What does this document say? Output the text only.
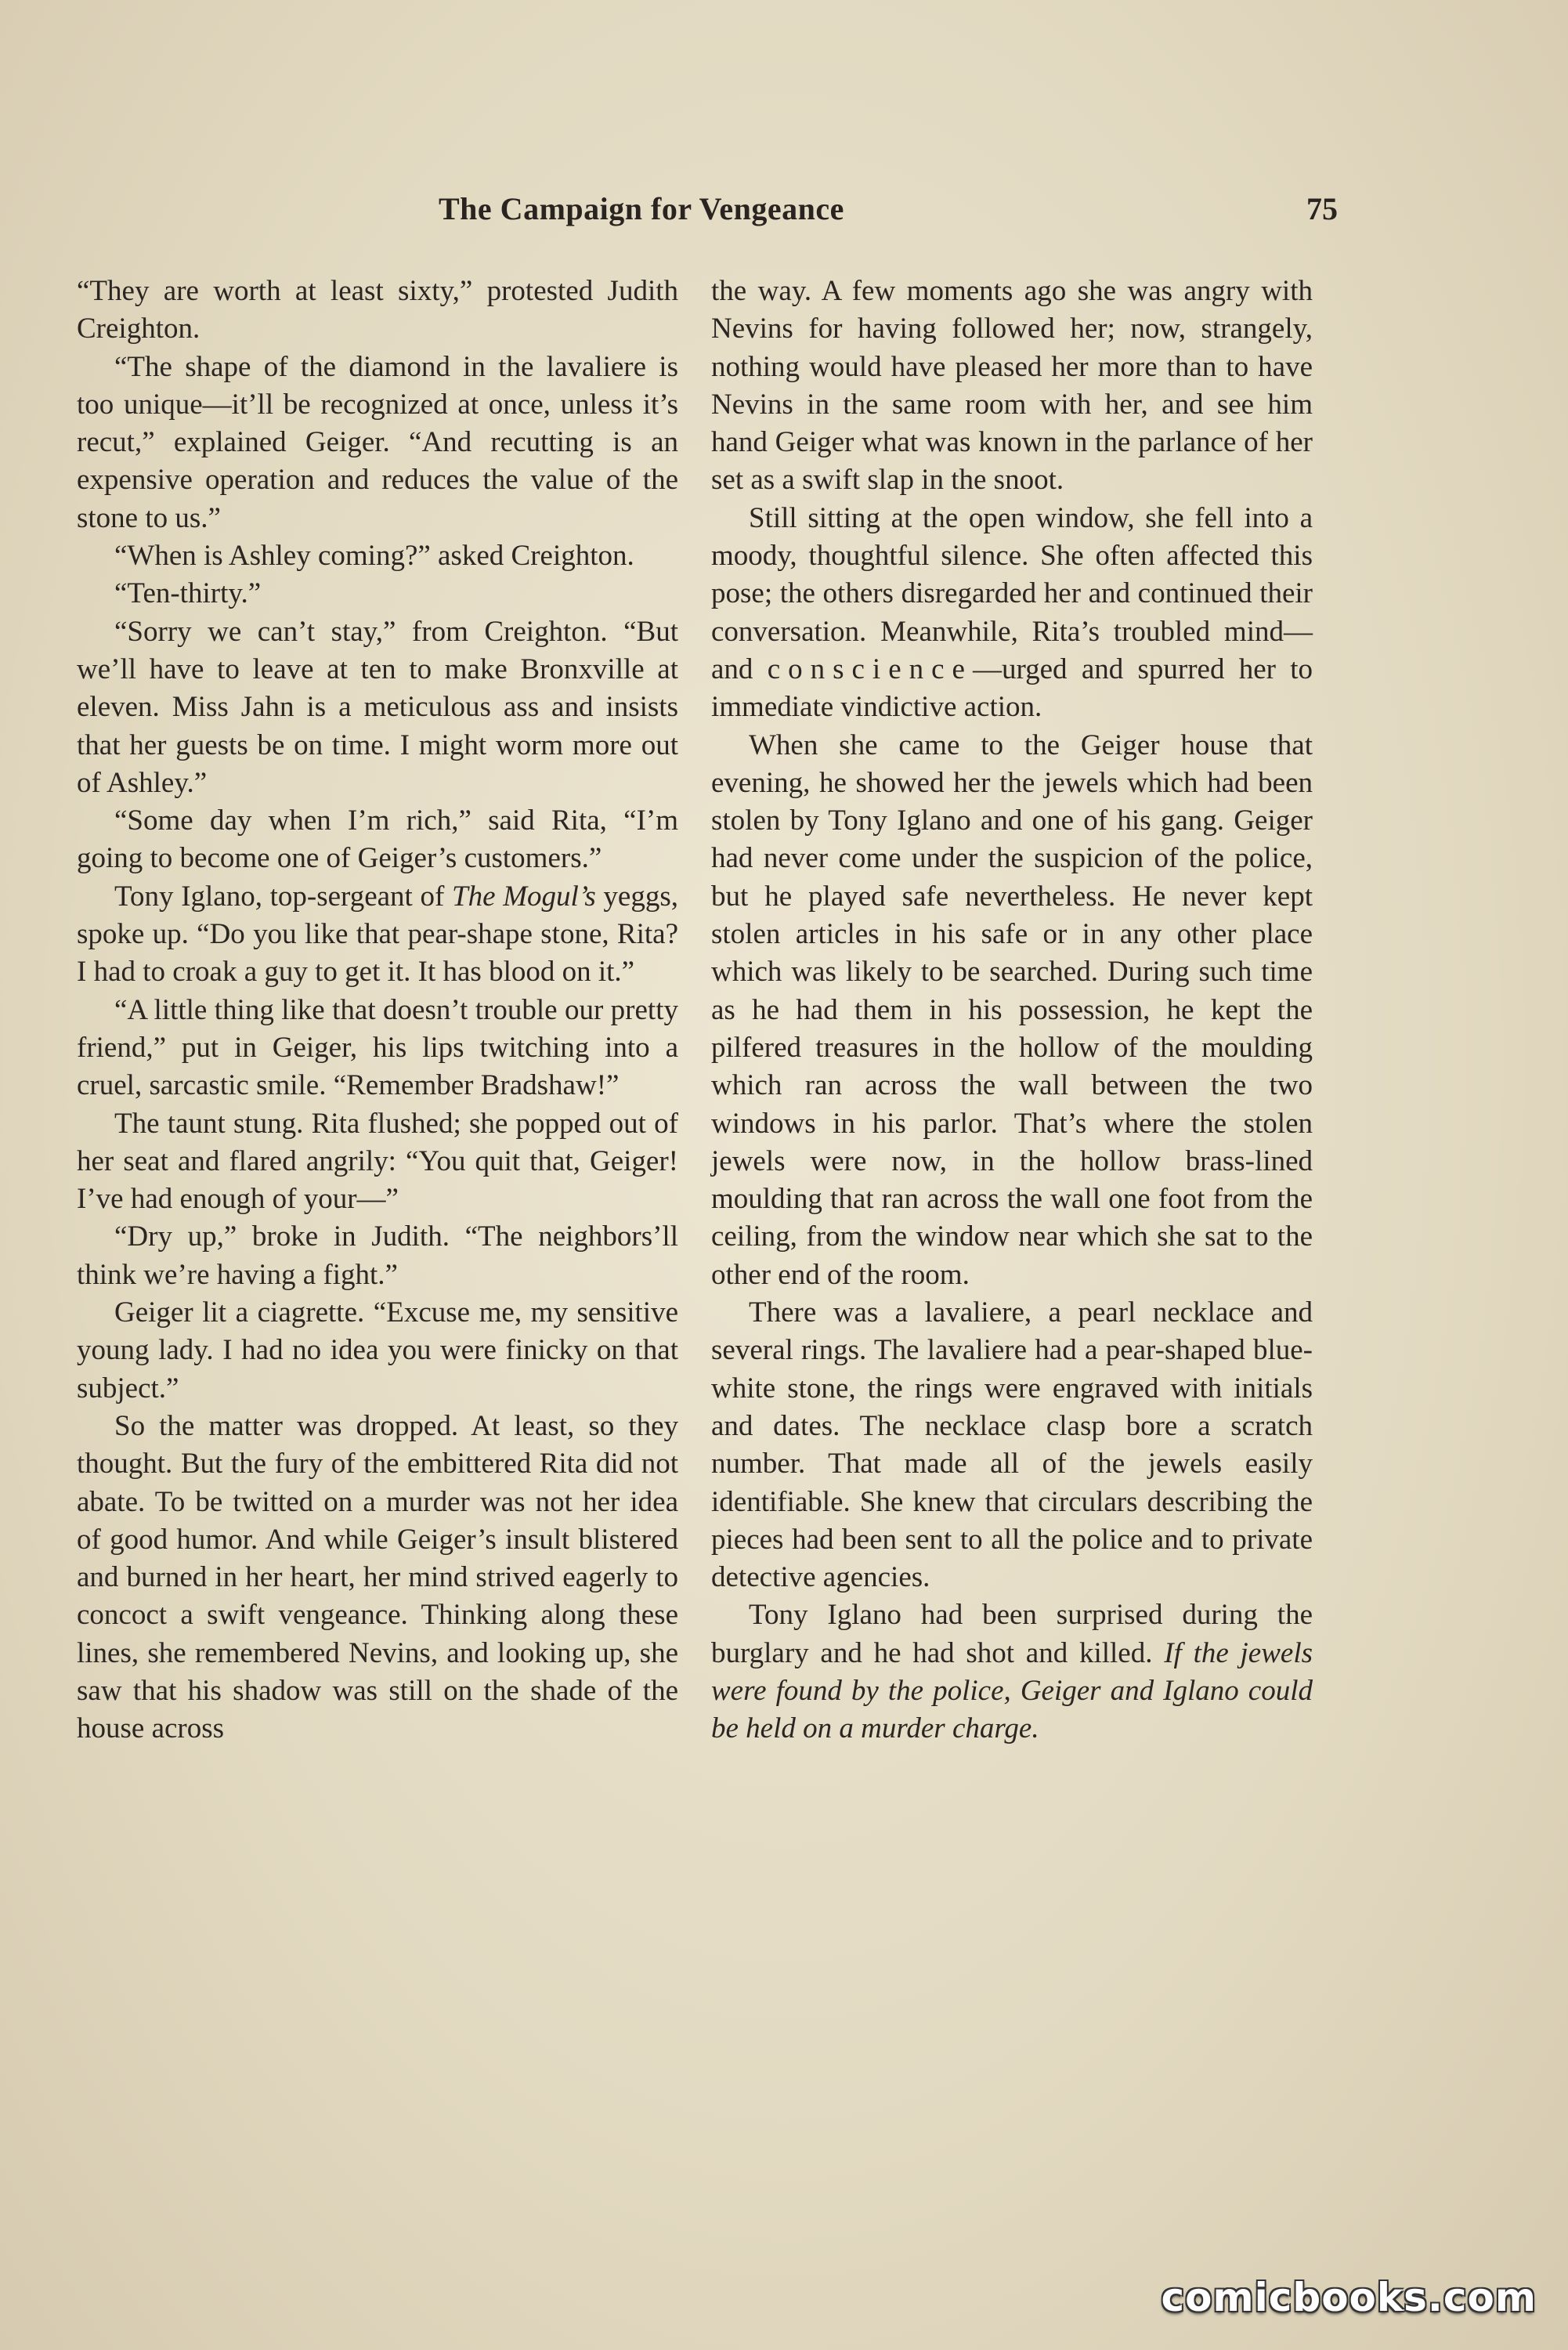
The Campaign for Vengeance	75

“They are worth at least sixty,” protested Judith Creighton.

“The shape of the diamond in the lavaliere is too unique—it’ll be recognized at once, unless it’s recut,” explained Geiger. “And recutting is an expensive operation and reduces the value of the stone to us.”

“When is Ashley coming?” asked Creighton.

“Ten-thirty.”

“Sorry we can’t stay,” from Creighton. “But we’ll have to leave at ten to make Bronxville at eleven. Miss Jahn is a meticulous ass and insists that her guests be on time. I might worm more out of Ashley.”

“Some day when I’m rich,” said Rita, “I’m going to become one of Geiger’s customers.”

Tony Iglano, top-sergeant of The Mogul’s yeggs, spoke up. “Do you like that pear-shape stone, Rita? I had to croak a guy to get it. It has blood on it.”

“A little thing like that doesn’t trouble our pretty friend,” put in Geiger, his lips twitching into a cruel, sarcastic smile. “Remember Bradshaw!”

The taunt stung. Rita flushed; she popped out of her seat and flared angrily: “You quit that, Geiger! I’ve had enough of your—”

“Dry up,” broke in Judith. “The neighbors’ll think we’re having a fight.”

Geiger lit a ciagrette. “Excuse me, my sensitive young lady. I had no idea you were finicky on that subject.”

So the matter was dropped. At least, so they thought. But the fury of the embittered Rita did not abate. To be twitted on a murder was not her idea of good humor. And while Geiger’s insult blistered and burned in her heart, her mind strived eagerly to concoct a swift vengeance. Thinking along these lines, she remembered Nevins, and looking up, she saw that his shadow was still on the shade of the house across

the way. A few moments ago she was angry with Nevins for having followed her; now, strangely, nothing would have pleased her more than to have Nevins in the same room with her, and see him hand Geiger what was known in the parlance of her set as a swift slap in the snoot.

Still sitting at the open window, she fell into a moody, thoughtful silence. She often affected this pose; the others disregarded her and continued their conversation. Meanwhile, Rita’s troubled mind—and conscience—urged and spurred her to immediate vindictive action.

When she came to the Geiger house that evening, he showed her the jewels which had been stolen by Tony Iglano and one of his gang. Geiger had never come under the suspicion of the police, but he played safe nevertheless. He never kept stolen articles in his safe or in any other place which was likely to be searched. During such time as he had them in his possession, he kept the pilfered treasures in the hollow of the moulding which ran across the wall between the two windows in his parlor. That’s where the stolen jewels were now, in the hollow brass-lined moulding that ran across the wall one foot from the ceiling, from the window near which she sat to the other end of the room.

There was a lavaliere, a pearl necklace and several rings. The lavaliere had a pear-shaped blue-white stone, the rings were engraved with initials and dates. The necklace clasp bore a scratch number. That made all of the jewels easily identifiable. She knew that circulars describing the pieces had been sent to all the police and to private detective agencies.

Tony Iglano had been surprised during the burglary and he had shot and killed. If the jewels were found by the police, Geiger and Iglano could be held on a murder charge.

comicbooks.com
